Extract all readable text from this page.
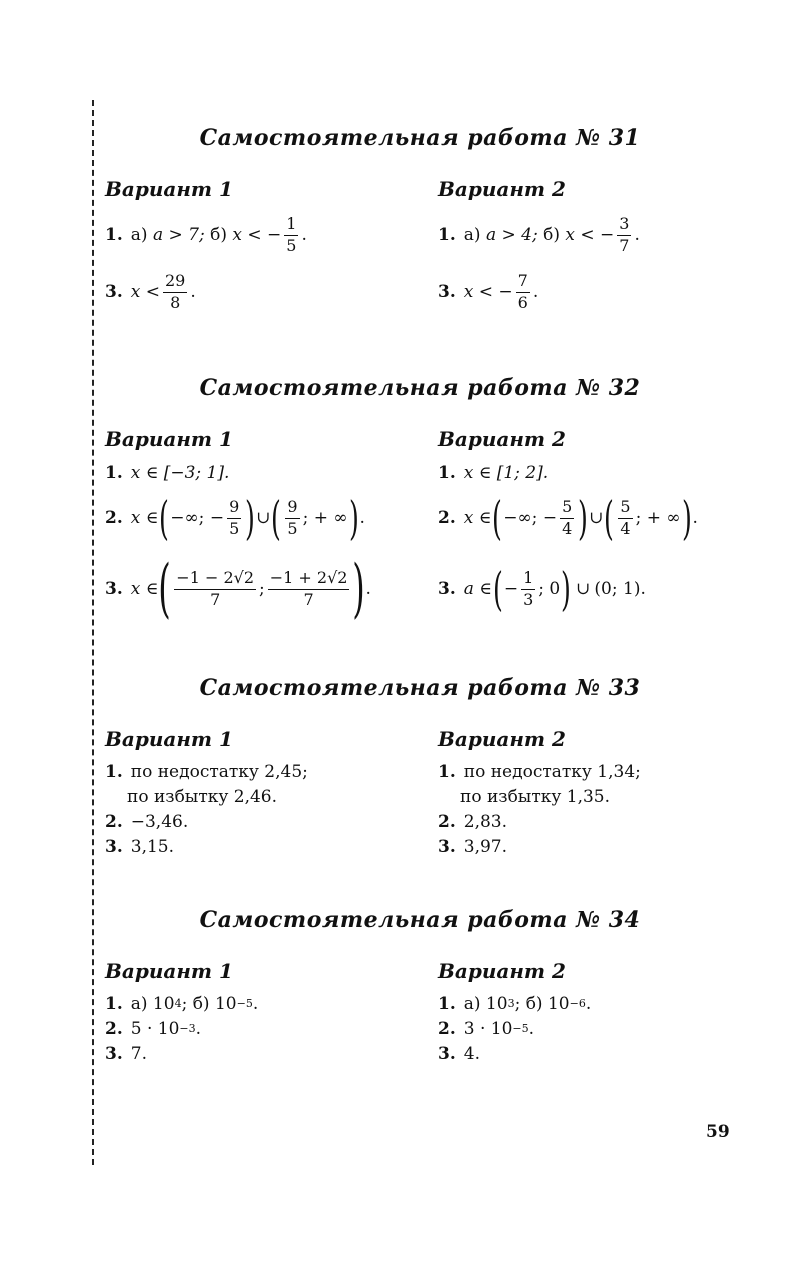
Самостоятельная работа № 31
Вариант 1
1. а)
a > 7;
б)
x < − $\frac{1}{5}$ .
3. $x < \frac{29}{8}$ .
Вариант 2
1. а)
a > 4;
б)
x < − $\frac{3}{7}$ .
3. x < − $\frac{7}{6}$ .
Самостоятельная работа № 32
Вариант 1
1. x ∈ [−3; 1].
2. x ∈ ( −∞; − $\frac{9}{5}$ ) ∪ ( $\frac{9}{5}$ ; + ∞ ) .
3. x ∈ ( $\frac{-1 - 2√2}{7}$ ; $\frac{-1 + 2√2}{7}$ ) .
Вариант 2
1. x ∈ [1; 2].
2. x ∈ ( −∞; − $\frac{5}{4}$ ) ∪ ( $\frac{5}{4}$ ; + ∞ ) .
3. a ∈ ( − $\frac{1}{3}$ ; 0 ) ∪ (0; 1).
Самостоятельная работа № 33
Вариант 1
1. по недостатку 2,45;
по избытку 2,46.
2. −3,46.
3. 3,15.
Вариант 2
1. по недостатку 1,34;
по избытку 1,35.
2. 2,83.
3. 3,97.
Самостоятельная работа № 34
Вариант 1
1. а) 10 4 ; б) 10 −5 .
2. 5 · 10 −3 .
3. 7.
Вариант 2
1. а) 10 3 ; б) 10 −6 .
2. 3 · 10 −5 .
3. 4.
59
